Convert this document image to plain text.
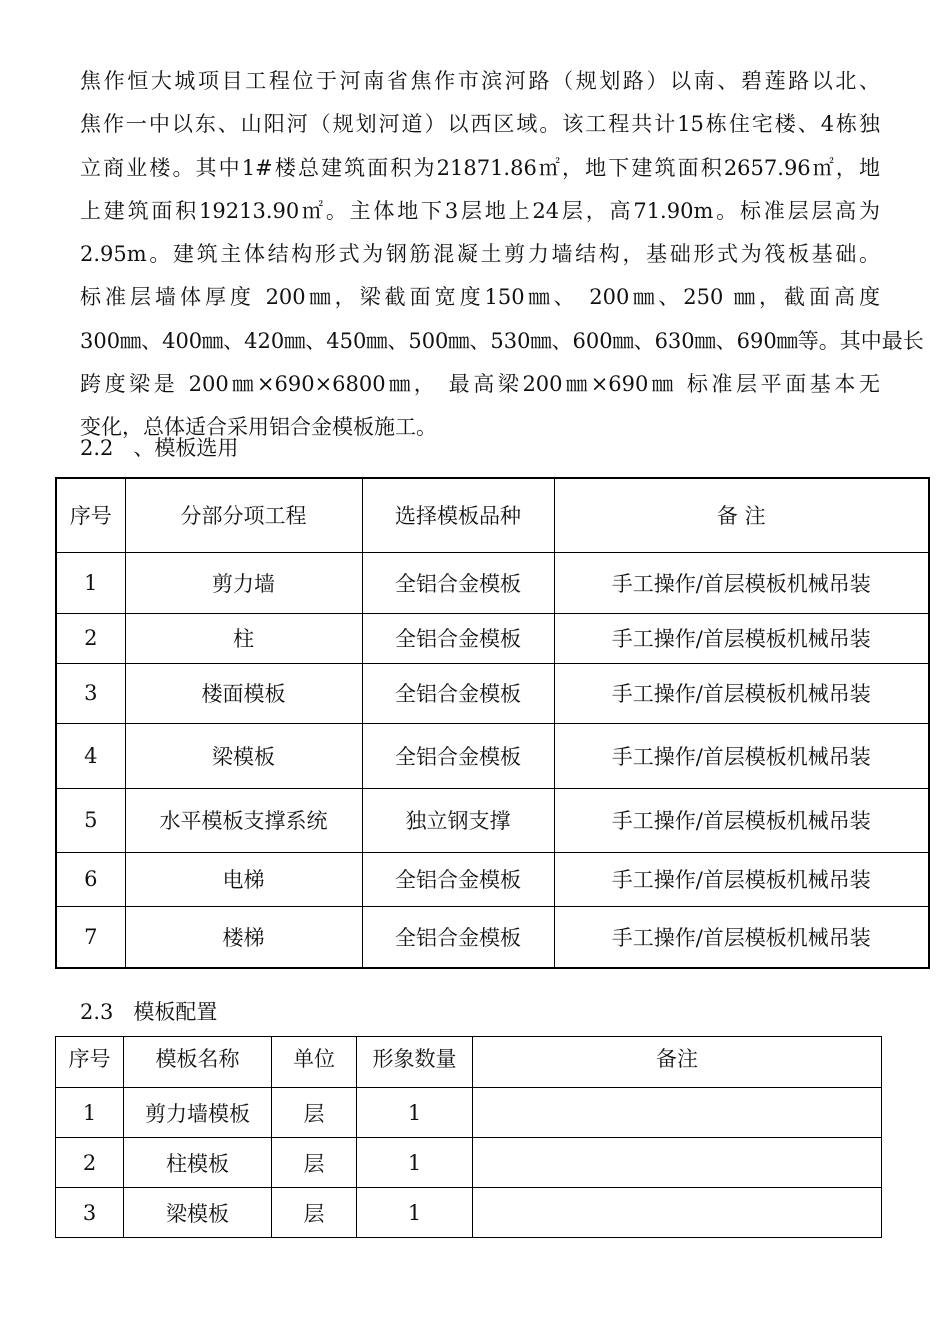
焦作恒大城项目工程位于河南省焦作市滨河路（规划路）以南、碧莲路以北、
焦作一中以东、山阳河（规划河道）以西区域。该工程共计15栋住宅楼、4栋独
立商业楼。其中1#楼总建筑面积为21871.86㎡，地下建筑面积2657.96㎡，地
上建筑面积19213.90㎡。主体地下3层地上24层，高71.90m。标准层层高为
2.95m。建筑主体结构形式为钢筋混凝土剪力墙结构，基础形式为筏板基础。
标准层墙体厚度 200㎜，梁截面宽度150㎜、 200㎜、250 ㎜，截面高度
300㎜、400㎜、420㎜、450㎜、500㎜、530㎜、600㎜、630㎜、690㎜等。其中最长
跨度梁是 200㎜×690×6800㎜， 最高梁200㎜×690㎜ 标准层平面基本无
变化，总体适合采用铝合金模板施工。
2.2   、模板选用
序号	分部分项工程	选择模板品种	备 注
1	剪力墙	全铝合金模板	手工操作/首层模板机械吊装
2	柱	全铝合金模板	手工操作/首层模板机械吊装
3	楼面模板	全铝合金模板	手工操作/首层模板机械吊装
4	梁模板	全铝合金模板	手工操作/首层模板机械吊装
5	水平模板支撑系统	独立钢支撑	手工操作/首层模板机械吊装
6	电梯	全铝合金模板	手工操作/首层模板机械吊装
7	楼梯	全铝合金模板	手工操作/首层模板机械吊装
2.3   模板配置
序号	模板名称	单位	形象数量	备注
1	剪力墙模板	层	1	
2	柱模板	层	1	
3	梁模板	层	1	
